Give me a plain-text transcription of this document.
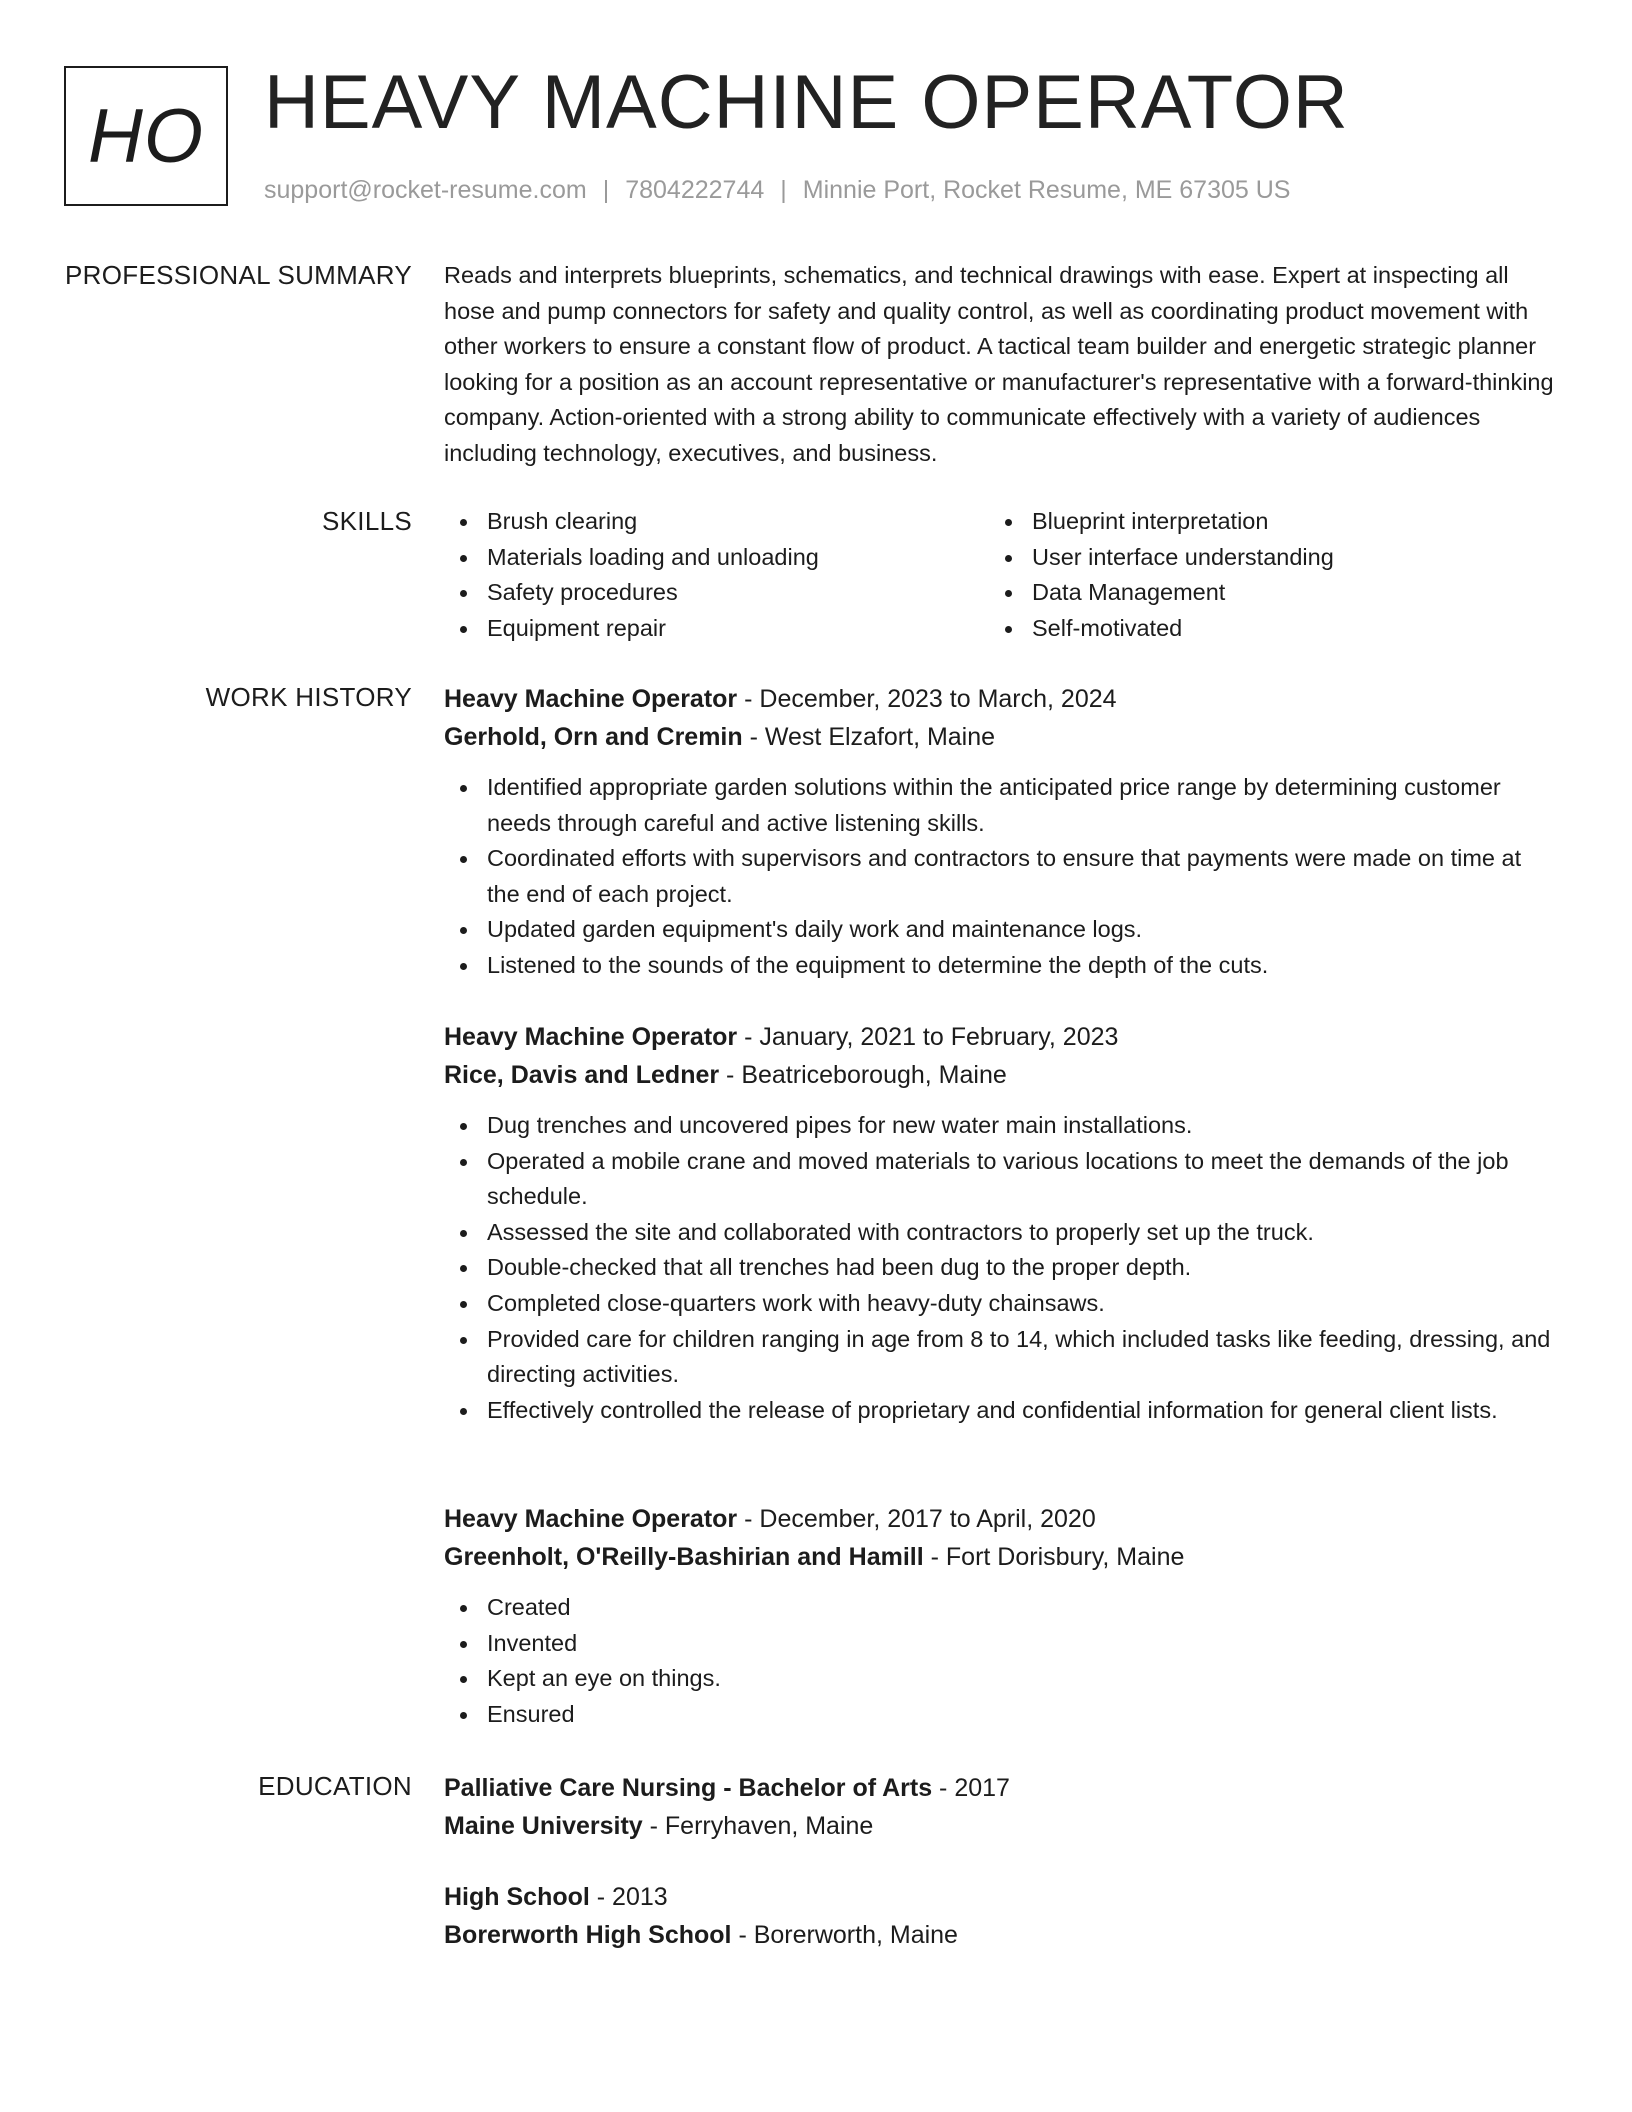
HO HEAVY MACHINE OPERATOR
support@rocket-resume.com | 7804222744 | Minnie Port, Rocket Resume, ME 67305 US
PROFESSIONAL SUMMARY Reads and interprets blueprints, schematics, and technical drawings with ease. Expert at inspecting all hose and pump connectors for safety and quality control, as well as coordinating product movement with other workers to ensure a constant flow of product. A tactical team builder and energetic strategic planner looking for a position as an account representative or manufacturer's representative with a forward-thinking company. Action-oriented with a strong ability to communicate effectively with a variety of audiences including technology, executives, and business.

SKILLS	Brush clearing
Materials loading and unloading
Safety procedures
Equipment repair
Blueprint interpretation
User interface understanding
Data Management
Self-motivated
WORK HISTORY Heavy Machine Operator - December, 2023 to March, 2024
Gerhold, Orn and Cremin - West Elzafort, Maine
Identified appropriate garden solutions within the anticipated price range by determining customer needs through careful and active listening skills.
Coordinated efforts with supervisors and contractors to ensure that payments were made on time at the end of each project.
Updated garden equipment's daily work and maintenance logs.
Listened to the sounds of the equipment to determine the depth of the cuts.
Heavy Machine Operator - January, 2021 to February, 2023
Rice, Davis and Ledner - Beatriceborough, Maine
Dug trenches and uncovered pipes for new water main installations.
Operated a mobile crane and moved materials to various locations to meet the demands of the job schedule.
Assessed the site and collaborated with contractors to properly set up the truck.
Double-checked that all trenches had been dug to the proper depth.
Completed close-quarters work with heavy-duty chainsaws.
Provided care for children ranging in age from 8 to 14, which included tasks like feeding, dressing, and directing activities.
Effectively controlled the release of proprietary and confidential information for general client lists.
Heavy Machine Operator - December, 2017 to April, 2020
Greenholt, O'Reilly-Bashirian and Hamill - Fort Dorisbury, Maine
Created
Invented
Kept an eye on things.
Ensured
EDUCATION Palliative Care Nursing - Bachelor of Arts - 2017
Maine University - Ferryhaven, Maine
High School - 2013
Borerworth High School - Borerworth, Maine
